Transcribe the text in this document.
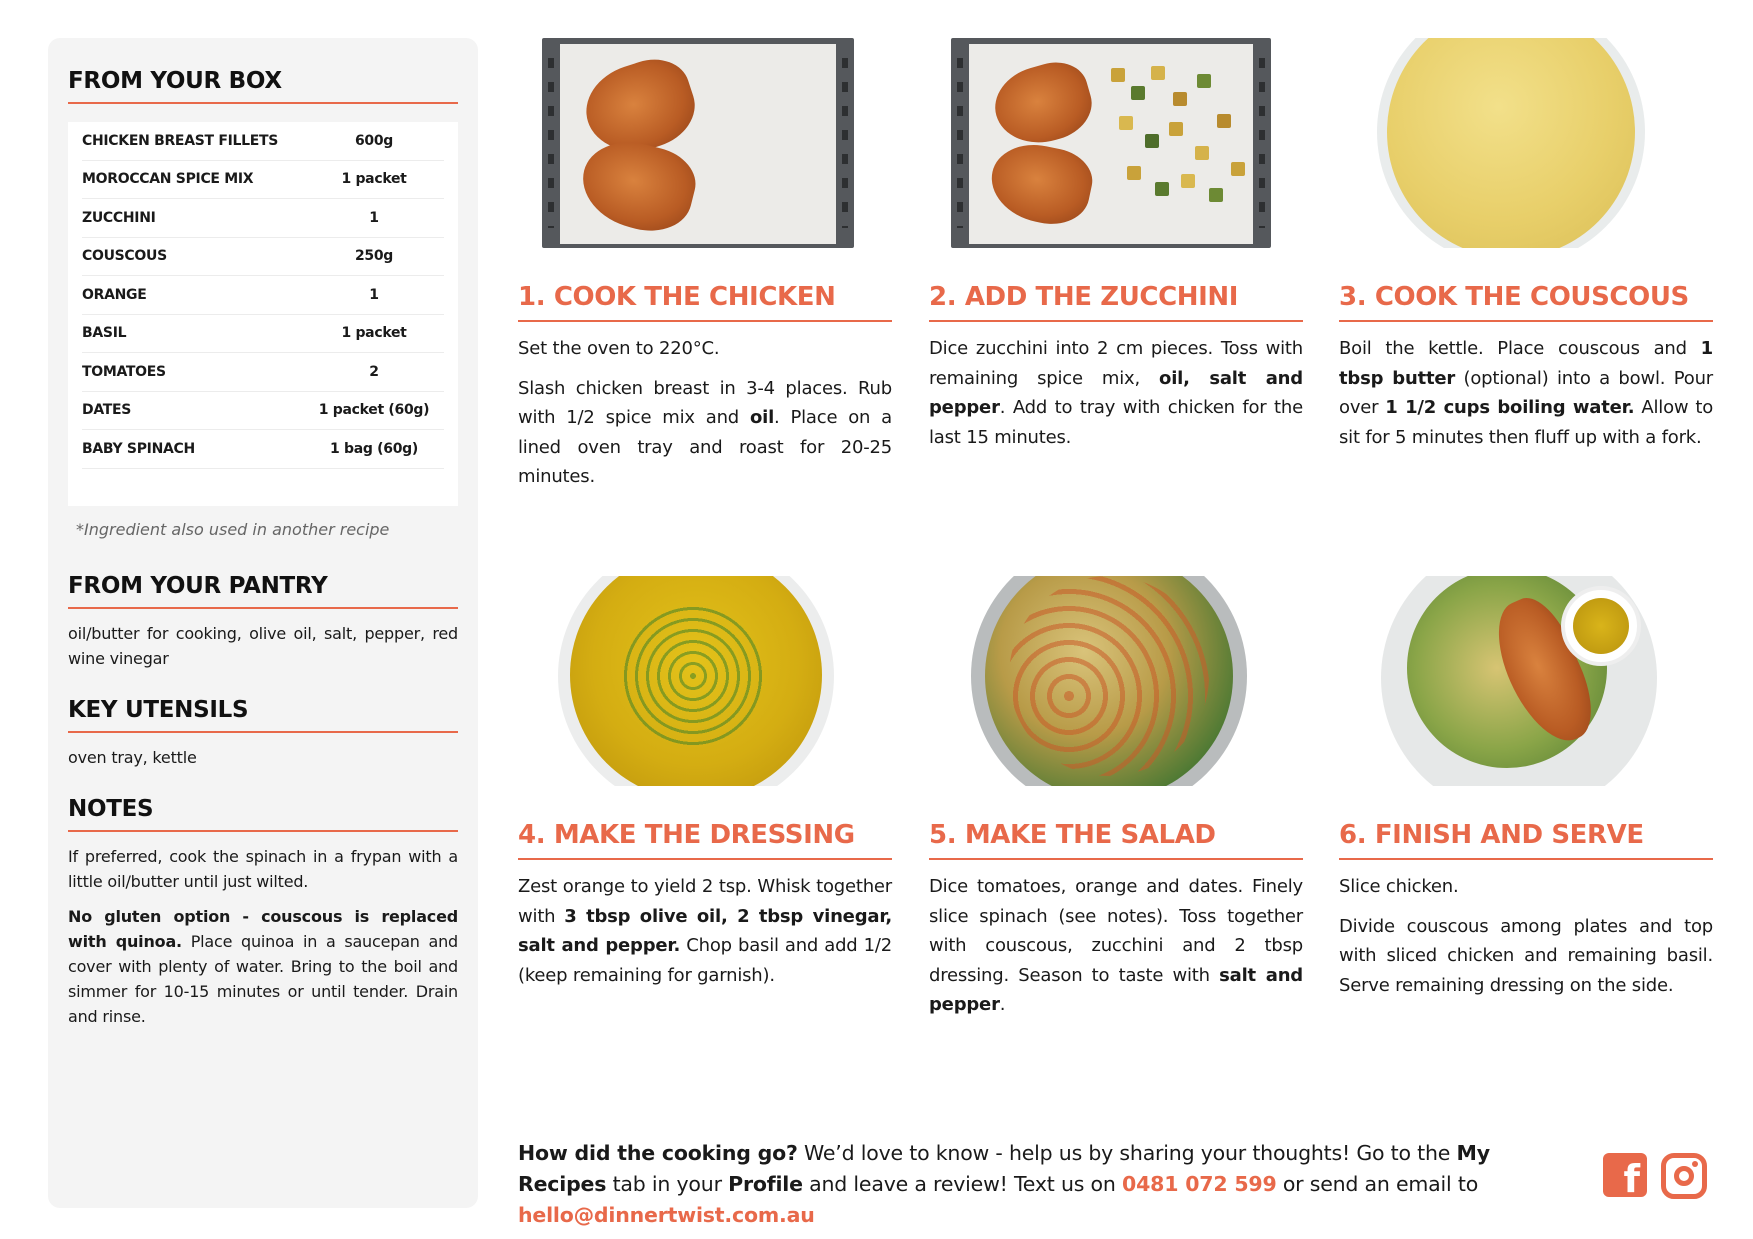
FROM YOUR BOX
CHICKEN BREAST FILLETS	600g
MOROCCAN SPICE MIX	1 packet
ZUCCHINI	1
COUSCOUS	250g
ORANGE	1
BASIL	1 packet
TOMATOES	2
DATES	1 packet (60g)
BABY SPINACH	1 bag (60g)
*Ingredient also used in another recipe
FROM YOUR PANTRY
oil/butter for cooking, olive oil, salt, pepper, red wine vinegar
KEY UTENSILS
oven tray, kettle
NOTES

If preferred, cook the spinach in a frypan with a little oil/butter until just wilted.

No gluten option - couscous is replaced with quinoa. Place quinoa in a saucepan and cover with plenty of water. Bring to the boil and simmer for 10-15 minutes or until tender. Drain and rinse.

1. COOK THE CHICKEN

Set the oven to 220°C.

Slash chicken breast in 3-4 places. Rub with 1/2 spice mix and oil. Place on a lined oven tray and roast for 20-25 minutes.

2. ADD THE ZUCCHINI

Dice zucchini into 2 cm pieces. Toss with remaining spice mix, oil, salt and pepper. Add to tray with chicken for the last 15 minutes.

3. COOK THE COUSCOUS

Boil the kettle. Place couscous and 1 tbsp butter (optional) into a bowl. Pour over 1 1/2 cups boiling water. Allow to sit for 5 minutes then fluff up with a fork.

4. MAKE THE DRESSING

Zest orange to yield 2 tsp. Whisk together with 3 tbsp olive oil, 2 tbsp vinegar, salt and pepper. Chop basil and add 1/2 (keep remaining for garnish).

5. MAKE THE SALAD

Dice tomatoes, orange and dates. Finely slice spinach (see notes). Toss together with couscous, zucchini and 2 tbsp dressing. Season to taste with salt and pepper.

6. FINISH AND SERVE

Slice chicken.

Divide couscous among plates and top with sliced chicken and remaining basil. Serve remaining dressing on the side.

How did the cooking go? We’d love to know - help us by sharing your thoughts! Go to the My Recipes tab in your Profile and leave a review! Text us on 0481 072 599 or send an email to hello@dinnertwist.com.au
f
